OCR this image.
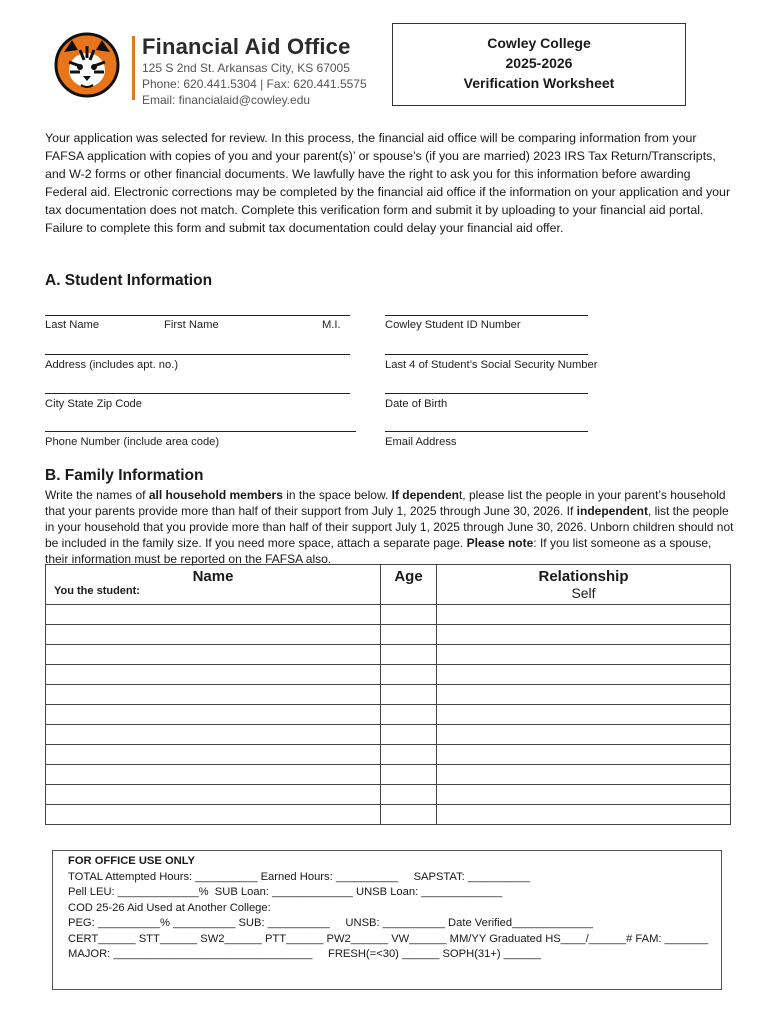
Financial Aid Office
125 S 2nd St. Arkansas City, KS 67005
Phone: 620.441.5304 | Fax: 620.441.5575
Email: financialaid@cowley.edu
Cowley College
2025-2026
Verification Worksheet
Your application was selected for review. In this process, the financial aid office will be comparing information from your FAFSA application with copies of you and your parent(s)’ or spouse’s (if you are married) 2023 IRS Tax Return/Transcripts, and W-2 forms or other financial documents. We lawfully have the right to ask you for this information before awarding Federal aid. Electronic corrections may be completed by the financial aid office if the information on your application and your tax documentation does not match. Complete this verification form and submit it by uploading to your financial aid portal. Failure to complete this form and submit tax documentation could delay your financial aid offer.
A. Student Information
Last Name	First Name	M.I.	Cowley Student ID Number
Address (includes apt. no.)	Last 4 of Student’s Social Security Number
City State Zip Code	Date of Birth
Phone Number (include area code)	Email Address
B. Family Information
Write the names of all household members in the space below. If dependent, please list the people in your parent’s household that your parents provide more than half of their support from July 1, 2025 through June 30, 2026. If independent, list the people in your household that you provide more than half of their support July 1, 2025 through June 30, 2026. Unborn children should not be included in the family size. If you need more space, attach a separate page. Please note: If you list someone as a spouse, their information must be reported on the FAFSA also.
Name	Age	Relationship
You the student:		Self

FOR OFFICE USE ONLY
TOTAL Attempted Hours: __________ Earned Hours: __________     SAPSTAT: __________
Pell LEU: _____________%  SUB Loan: _____________ UNSB Loan: _____________
COD 25-26 Aid Used at Another College:
PEG: __________% __________ SUB: __________     UNSB: __________ Date Verified_____________
CERT______ STT______ SW2______ PTT______ PW2______ VW______ MM/YY Graduated HS____/______# FAM: _______
MAJOR: ________________________________     FRESH(=<30) ______ SOPH(31+) ______
